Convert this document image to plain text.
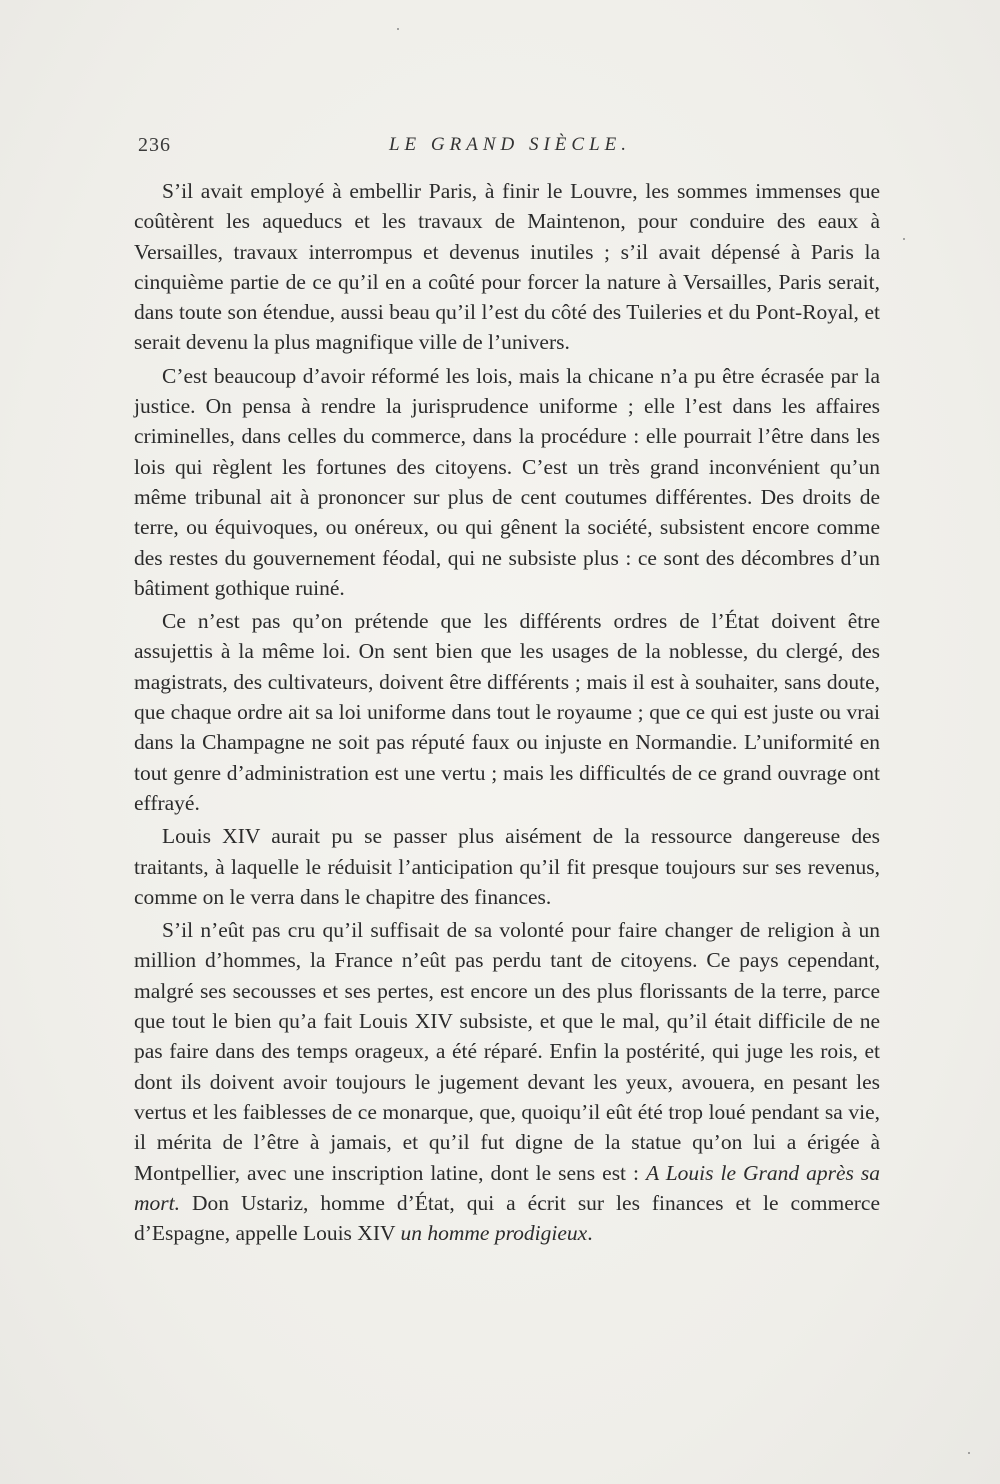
236	LE GRAND SIÈCLE.

S’il avait employé à embellir Paris, à finir le Louvre, les sommes immenses que coûtèrent les aqueducs et les travaux de Maintenon, pour conduire des eaux à Versailles, travaux interrompus et devenus inutiles ; s’il avait dépensé à Paris la cinquième partie de ce qu’il en a coûté pour forcer la nature à Versailles, Paris serait, dans toute son étendue, aussi beau qu’il l’est du côté des Tuileries et du Pont-Royal, et serait devenu la plus magnifique ville de l’univers.

C’est beaucoup d’avoir réformé les lois, mais la chicane n’a pu être écrasée par la justice. On pensa à rendre la jurisprudence uniforme ; elle l’est dans les affaires criminelles, dans celles du commerce, dans la procédure : elle pourrait l’être dans les lois qui règlent les fortunes des citoyens. C’est un très grand inconvénient qu’un même tribunal ait à prononcer sur plus de cent coutumes différentes. Des droits de terre, ou équivoques, ou onéreux, ou qui gênent la société, subsistent encore comme des restes du gouvernement féodal, qui ne subsiste plus : ce sont des décombres d’un bâtiment gothique ruiné.

Ce n’est pas qu’on prétende que les différents ordres de l’État doivent être assujettis à la même loi. On sent bien que les usages de la noblesse, du clergé, des magistrats, des cultivateurs, doivent être différents ; mais il est à souhaiter, sans doute, que chaque ordre ait sa loi uniforme dans tout le royaume ; que ce qui est juste ou vrai dans la Champagne ne soit pas réputé faux ou injuste en Normandie. L’uniformité en tout genre d’administration est une vertu ; mais les difficultés de ce grand ouvrage ont effrayé.

Louis XIV aurait pu se passer plus aisément de la ressource dangereuse des traitants, à laquelle le réduisit l’anticipation qu’il fit presque toujours sur ses revenus, comme on le verra dans le chapitre des finances.

S’il n’eût pas cru qu’il suffisait de sa volonté pour faire changer de religion à un million d’hommes, la France n’eût pas perdu tant de citoyens. Ce pays cependant, malgré ses secousses et ses pertes, est encore un des plus florissants de la terre, parce que tout le bien qu’a fait Louis XIV subsiste, et que le mal, qu’il était difficile de ne pas faire dans des temps orageux, a été réparé. Enfin la postérité, qui juge les rois, et dont ils doivent avoir toujours le jugement devant les yeux, avouera, en pesant les vertus et les faiblesses de ce monarque, que, quoiqu’il eût été trop loué pendant sa vie, il mérita de l’être à jamais, et qu’il fut digne de la statue qu’on lui a érigée à Montpellier, avec une inscription latine, dont le sens est : A Louis le Grand après sa mort. Don Ustariz, homme d’État, qui a écrit sur les finances et le commerce d’Espagne, appelle Louis XIV un homme prodigieux.
